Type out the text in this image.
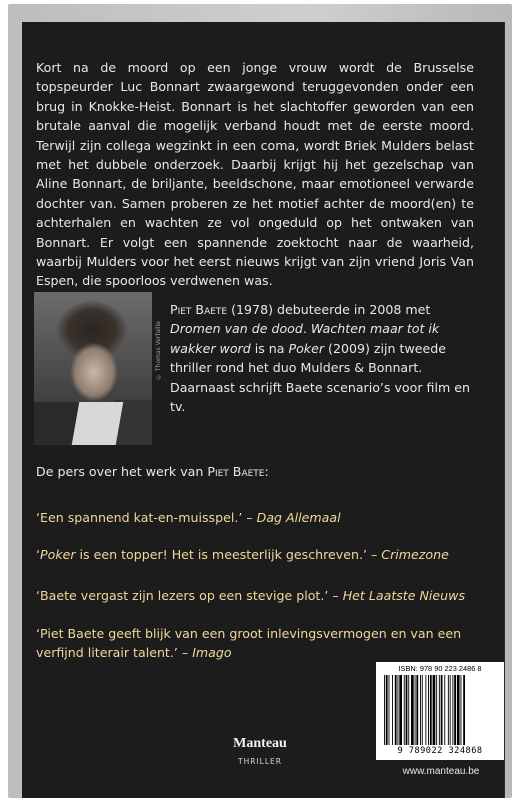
Kort na de moord op een jonge vrouw wordt de Brusselse topspeurder Luc Bonnart zwaargewond teruggevonden onder een brug in Knokke-Heist. Bonnart is het slachtoffer geworden van een brutale aanval die mogelijk verband houdt met de eerste moord. Terwijl zijn collega wegzinkt in een coma, wordt Briek Mulders belast met het dubbele onderzoek. Daarbij krijgt hij het gezelschap van Aline Bonnart, de briljante, beeldschone, maar emotioneel verwarde dochter van. Samen proberen ze het motief achter de moord(en) te achterhalen en wachten ze vol ongeduld op het ontwaken van Bonnart. Er volgt een spannende zoektocht naar de waarheid, waarbij Mulders voor het eerst nieuws krijgt van zijn vriend Joris Van Espen, die spoorloos verdwenen was.
© Thomas Verfaille
Piet Baete (1978) debuteerde in 2008 met Dromen van de dood. Wachten maar tot ik wakker word is na Poker (2009) zijn tweede thriller rond het duo Mulders & Bonnart. Daarnaast schrijft Baete scenario’s voor film en tv.
De pers over het werk van Piet Baete:
‘Een spannend kat-en-muisspel.’ – Dag Allemaal
‘Poker is een topper! Het is meesterlijk geschreven.’ – Crimezone
‘Baete vergast zijn lezers op een stevige plot.’ – Het Laatste Nieuws
‘Piet Baete geeft blijk van een groot inlevingsvermogen en van een verfijnd literair talent.’ – Imago
ISBN: 978 90 223 2486 8
9 789022 324868
Manteau
THRILLER
www.manteau.be
